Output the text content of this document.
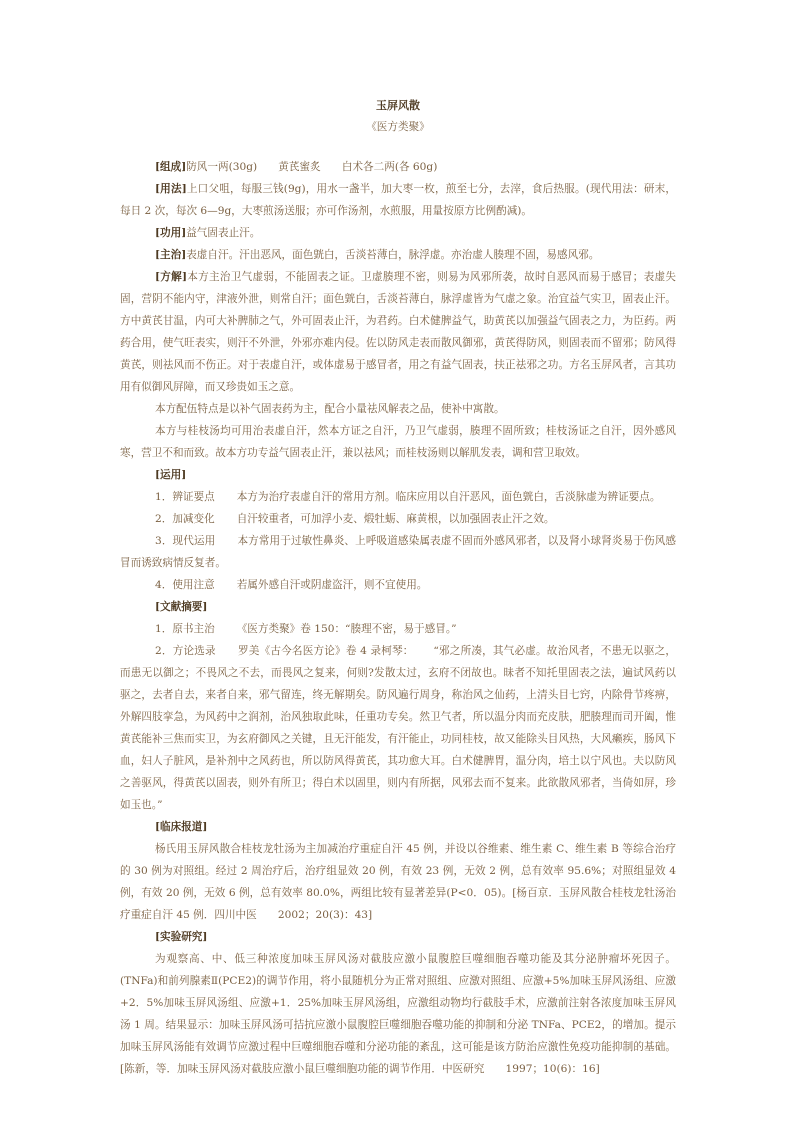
玉屏风散
《医方类聚》

[组成]防风一两(30g)　　黄芪蜜炙　　白术各二两(各 60g)

[用法]上口父咀，每服三钱(9g)，用水一盏半，加大枣一枚，煎至七分，去滓，食后热服。(现代用法：研末，每日 2 次，每次 6—9g，大枣煎汤送服；亦可作汤剂，水煎服，用量按原方比例酌减)。

[功用]益气固表止汗。

[主治]表虚自汗。汗出恶风，面色皝白，舌淡苔薄白，脉浮虚。亦治虚人腠理不固，易感风邪。

[方解]本方主治卫气虚弱，不能固表之证。卫虚腠理不密，则易为风邪所袭，故时自恶风而易于感冒；表虚失固，营阴不能内守，津液外泄，则常自汗；面色皝白，舌淡苔薄白，脉浮虚皆为气虚之象。治宜益气实卫，固表止汗。方中黄芪甘温，内可大补脾肺之气，外可固表止汗，为君药。白术健脾益气，助黄芪以加强益气固表之力，为臣药。两药合用，使气旺表实，则汗不外泄，外邪亦难内侵。佐以防风走表而散风御邪，黄芪得防风，则固表而不留邪；防风得黄芪，则祛风而不伤正。对于表虚自汗，或体虚易于感冒者，用之有益气固表，扶正祛邪之功。方名玉屏风者，言其功用有似御风屏障，而又珍贵如玉之意。

本方配伍特点是以补气固表药为主，配合小量祛风解表之品，使补中寓散。

本方与桂枝汤均可用治表虚自汗，然本方证之自汗，乃卫气虚弱，腠理不固所致；桂枝汤证之自汗，因外感风寒，营卫不和而致。故本方功专益气固表止汗，兼以祛风；而桂枝汤则以解肌发表，调和营卫取效。

[运用]

1．辨证要点 本方为治疗表虚自汗的常用方剂。临床应用以自汗恶风，面色皝白，舌淡脉虚为辨证要点。

2．加减变化 自汗较重者，可加浮小麦、煅牡蛎、麻黄根，以加强固表止汗之效。

3．现代运用 本方常用于过敏性鼻炎、上呼吸道感染属表虚不固而外感风邪者，以及肾小球肾炎易于伤风感冒而诱致病情反复者。

4．使用注意 若属外感自汗或阴虚盗汗，则不宜使用。

[文献摘要]

1．原书主治 《医方类聚》卷 150：“腠理不密，易于感冒。”

2．方论选录 罗美《古今名医方论》卷 4 录柯琴：　　 “邪之所凑，其气必虚。故治风者，不患无以驱之，而患无以御之；不畏风之不去，而畏风之复来，何则?发散太过，玄府不闭故也。昧者不知托里固表之法，遍试风药以驱之，去者自去，来者自来，邪气留连，终无解期矣。防风遍行周身，称治风之仙药，上清头目七窍，内除骨节疼痹，外解四肢挛急，为风药中之润剂，治风独取此味，任重功专矣。然卫气者，所以温分肉而充皮肤，肥腠理而司开阖，惟黄芪能补三焦而实卫，为玄府御风之关键，且无汗能发，有汗能止，功同桂枝，故又能除头目风热，大风癞疾，肠风下血，妇人子脏风，是补剂中之风药也，所以防风得黄芪，其功愈大耳。白术健脾胃，温分肉，培土以宁风也。夫以防风之善驱风，得黄芪以固表，则外有所卫；得白术以固里，则内有所据，风邪去而不复来。此欲散风邪者，当倚如屏，珍如玉也。”

[临床报道]

杨氏用玉屏风散合桂枝龙牡汤为主加减治疗重症自汗 45 例，并设以谷维素、维生素 C、维生素 B 等综合治疗的 30 例为对照组。经过 2 周治疗后，治疗组显效 20 例，有效 23 例，无效 2 例，总有效率 95.6%；对照组显效 4 例，有效 20 例，无效 6 例，总有效率 80.0%，两组比较有显著差异(P<0．05)。[杨百京．玉屏风散合桂枝龙牡汤治疗重症自汗 45 例．四川中医　　2002；20(3)：43]

[实验研究]

为观察高、中、低三种浓度加味玉屏风汤对截肢应激小鼠腹腔巨噬细胞吞噬功能及其分泌肿瘤坏死因子。(TNFa)和前列腺素Ⅱ(PCE2)的调节作用，将小鼠随机分为正常对照组、应激对照组、应激+5%加味玉屏风汤组、应激+2．5%加味玉屏风汤组、应激+1．25%加味玉屏风汤组，应激组动物均行截肢手术，应激前注射各浓度加味玉屏风汤 1 周。结果显示：加味玉屏风汤可拮抗应激小鼠腹腔巨噬细胞吞噬功能的抑制和分泌 TNFa、PCE2，的增加。提示加味玉屏风汤能有效调节应激过程中巨噬细胞吞噬和分泌功能的紊乱，这可能是该方防治应激性免疫功能抑制的基础。[陈新，等．加味玉屏风汤对截肢应激小鼠巨噬细胞功能的调节作用．中医研究　　1997；10(6)：16]
